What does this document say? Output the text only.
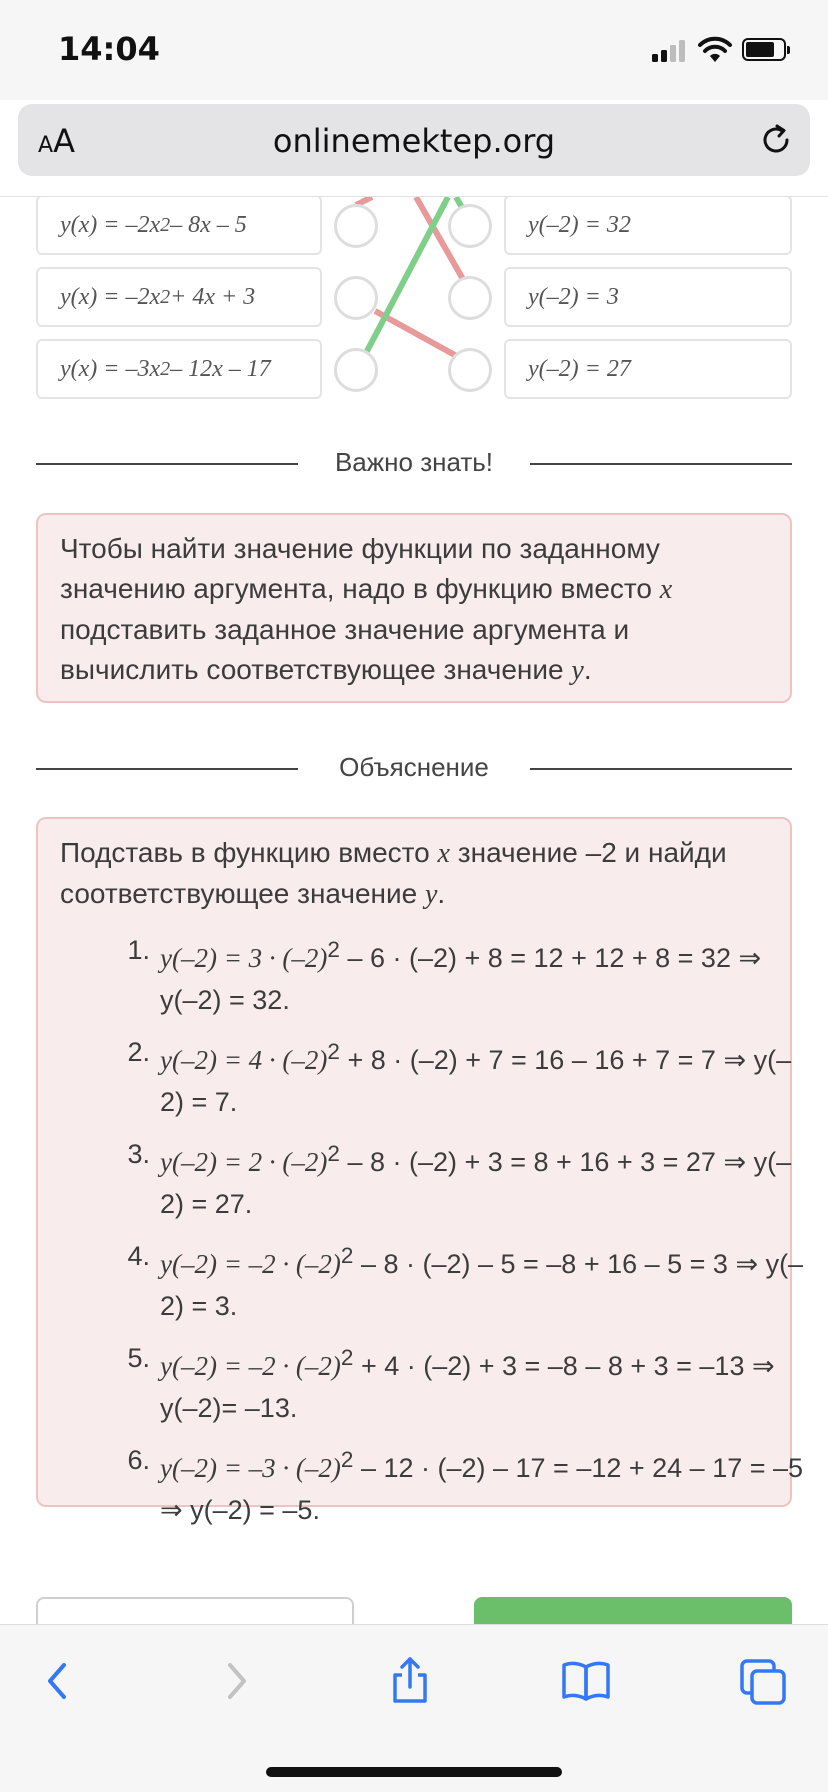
14:04
AA	onlinemektep.org
y(x) = –2x 2 – 8x – 5
y(x) = –2x 2 + 4x + 3
y(x) = –3x 2 – 12x – 17
y(–2) = 32
y(–2) = 3
y(–2) = 27
Важно знать!
Чтобы найти значение функции по заданному значению аргумента, надо в функцию вместо x подставить заданное значение аргумента и вычислить соответствующее значение y.
Объяснение
Подставь в функцию вместо x значение –2 и найди соответствующее значение y.
1. $y(-2) = 3 \cdot (-2)^2 - 6 \cdot (-2) + 8 = 12 + 12 + 8 = 32$ ⇒ y(–2) = 32.
2. $y(-2) = 4 \cdot (-2)^2 + 8 \cdot (-2) + 7 = 16 - 16 + 7 = 7$ ⇒ y(–2) = 7.
3. $y(-2) = 2 \cdot (-2)^2 - 8 \cdot (-2) + 3 = 8 + 16 + 3 = 27$ ⇒ y(–2) = 27.
4. $y(-2) = -2 \cdot (-2)^2 - 8 \cdot (-2) - 5 = -8 + 16 - 5 = 3$ ⇒ y(–2) = 3.
5. $y(-2) = -2 \cdot (-2)^2 + 4 \cdot (-2) + 3 = -8 - 8 + 3 = -13$ ⇒ y(–2)= –13.
6. $y(-2) = -3 \cdot (-2)^2 - 12 \cdot (-2) - 17 = -12 + 24 - 17 = -5$ ⇒ y(–2) = –5.
